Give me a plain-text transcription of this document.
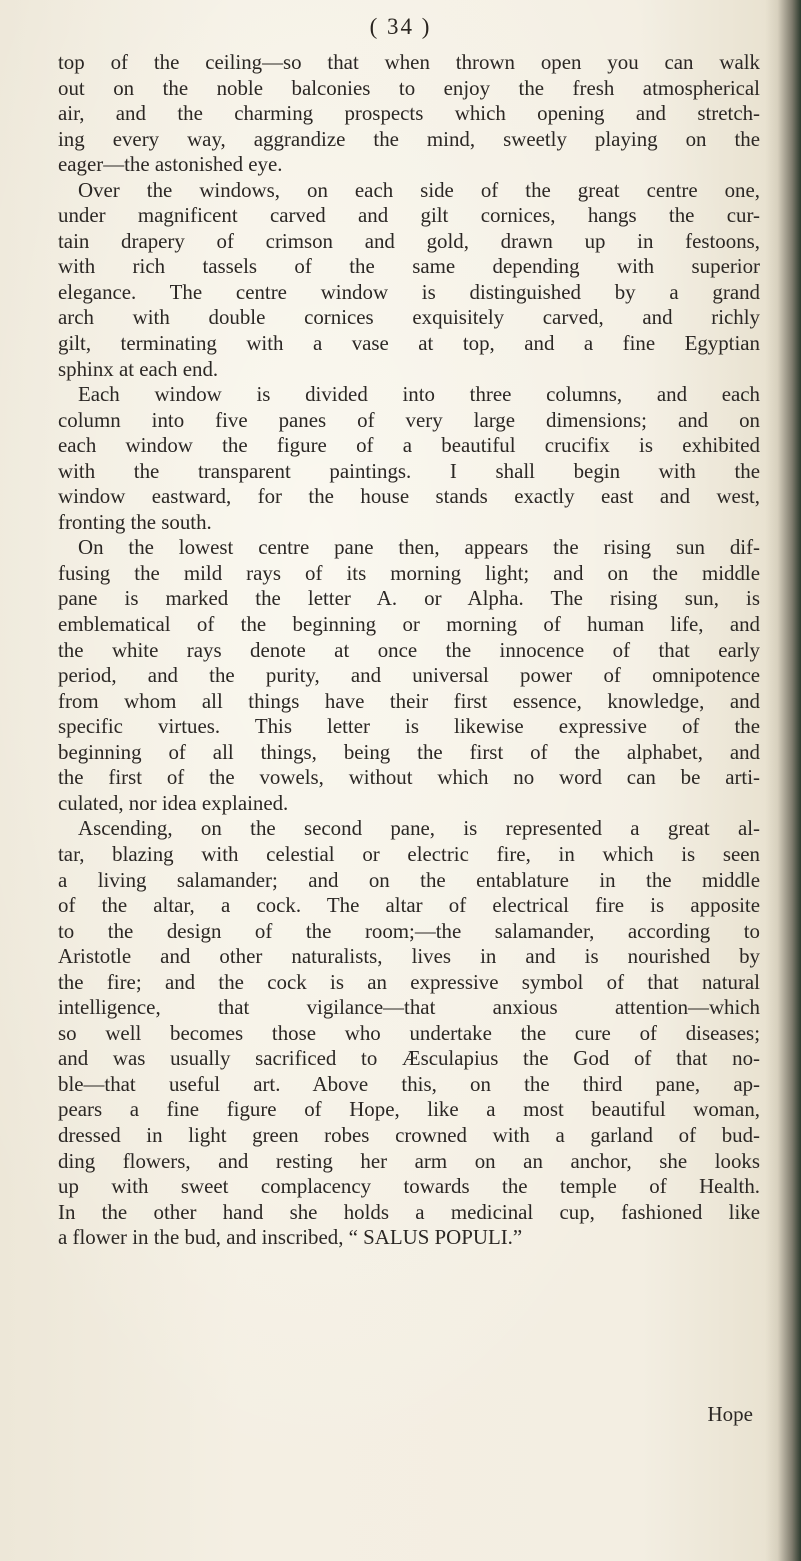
( 34 )
top of the ceiling—so that when thrown open you can walk
out on the noble balconies to enjoy the fresh atmospherical
air, and the charming prospects which opening and stretch-
ing every way, aggrandize the mind, sweetly playing on the
eager—the astonished eye.
Over the windows, on each side of the great centre one,
under magnificent carved and gilt cornices, hangs the cur-
tain drapery of crimson and gold, drawn up in festoons,
with rich tassels of the same depending with superior
elegance. The centre window is distinguished by a grand
arch with double cornices exquisitely carved, and richly
gilt, terminating with a vase at top, and a fine Egyptian
sphinx at each end.
Each window is divided into three columns, and each
column into five panes of very large dimensions; and on
each window the figure of a beautiful crucifix is exhibited
with the transparent paintings. I shall begin with the
window eastward, for the house stands exactly east and west,
fronting the south.
On the lowest centre pane then, appears the rising sun dif-
fusing the mild rays of its morning light; and on the middle
pane is marked the letter A. or Alpha. The rising sun, is
emblematical of the beginning or morning of human life, and
the white rays denote at once the innocence of that early
period, and the purity, and universal power of omnipotence
from whom all things have their first essence, knowledge, and
specific virtues. This letter is likewise expressive of the
beginning of all things, being the first of the alphabet, and
the first of the vowels, without which no word can be arti-
culated, nor idea explained.
Ascending, on the second pane, is represented a great al-
tar, blazing with celestial or electric fire, in which is seen
a living salamander; and on the entablature in the middle
of the altar, a cock. The altar of electrical fire is apposite
to the design of the room;—the salamander, according to
Aristotle and other naturalists, lives in and is nourished by
the fire; and the cock is an expressive symbol of that natural
intelligence, that vigilance—that anxious attention—which
so well becomes those who undertake the cure of diseases;
and was usually sacrificed to Æsculapius the God of that no-
ble—that useful art. Above this, on the third pane, ap-
pears a fine figure of Hope, like a most beautiful woman,
dressed in light green robes crowned with a garland of bud-
ding flowers, and resting her arm on an anchor, she looks
up with sweet complacency towards the temple of Health.
In the other hand she holds a medicinal cup, fashioned like
a flower in the bud, and inscribed, “ SALUS POPULI.”
Hope
